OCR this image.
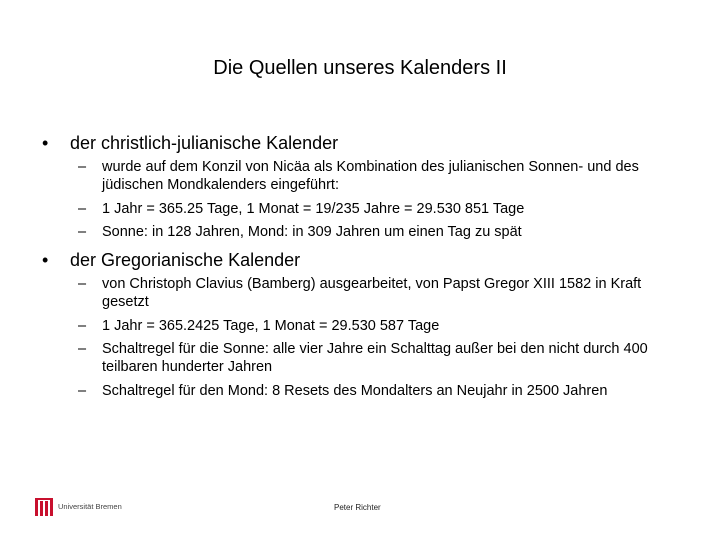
Die Quellen unseres Kalenders II
• der christlich-julianische Kalender
– wurde auf dem Konzil von Nicäa als Kombination des julianischen Sonnen- und des jüdischen Mondkalenders eingeführt:
– 1 Jahr = 365.25 Tage, 1 Monat = 19/235 Jahre = 29.530 851 Tage
– Sonne: in 128 Jahren, Mond: in 309 Jahren um einen Tag zu spät
• der Gregorianische Kalender
– von Christoph Clavius (Bamberg) ausgearbeitet, von Papst Gregor XIII 1582 in Kraft gesetzt
– 1 Jahr = 365.2425 Tage, 1 Monat = 29.530 587 Tage
– Schaltregel für die Sonne: alle vier Jahre ein Schalttag außer bei den nicht durch 400 teilbaren hunderter Jahren
– Schaltregel für den Mond: 8 Resets des Mondalters an Neujahr in 2500 Jahren
Universität Bremen	Peter Richter
